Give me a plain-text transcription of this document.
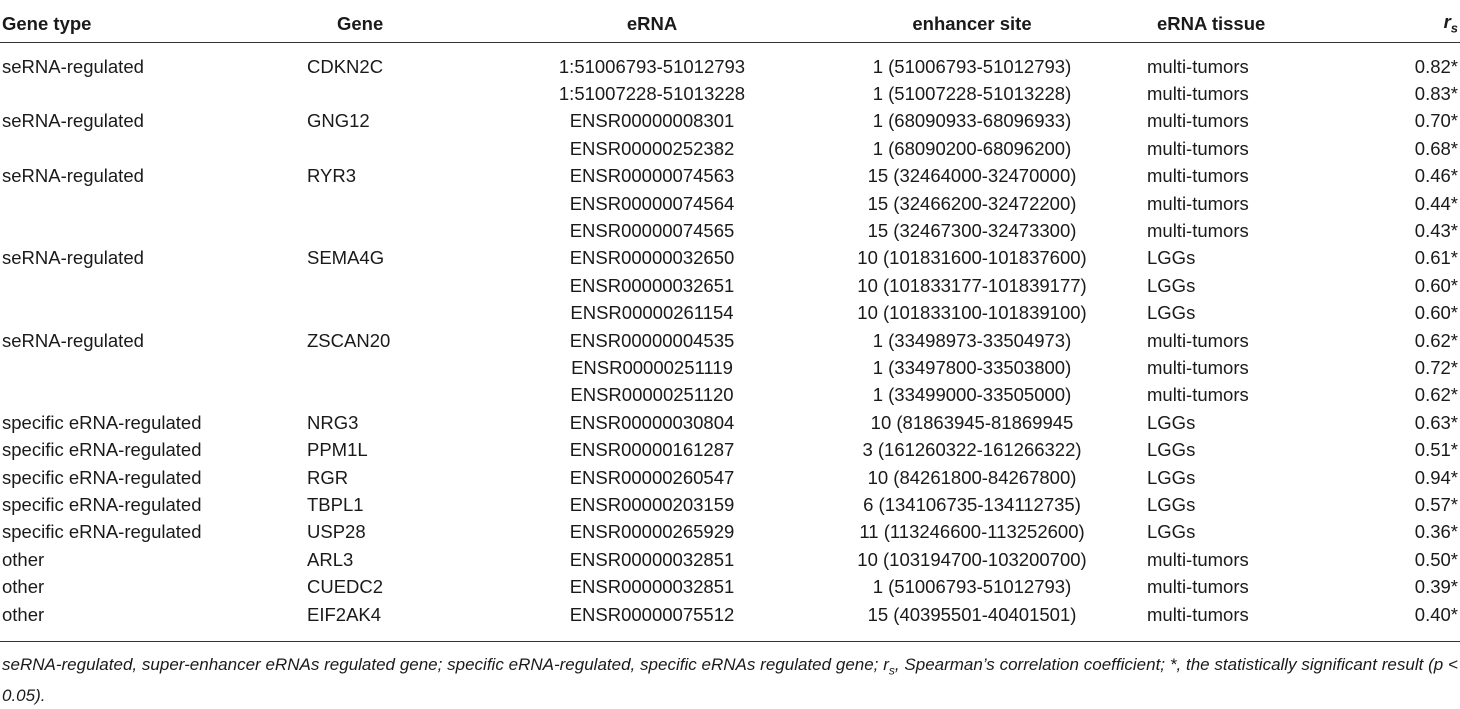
Gene type	Gene	eRNA	enhancer site	eRNA tissue	$r_s$
seRNA-regulated	CDKN2C	1:51006793-51012793	1 (51006793-51012793)	multi-tumors	0.82*
		1:51007228-51013228	1 (51007228-51013228)	multi-tumors	0.83*
seRNA-regulated	GNG12	ENSR00000008301	1 (68090933-68096933)	multi-tumors	0.70*
		ENSR00000252382	1 (68090200-68096200)	multi-tumors	0.68*
seRNA-regulated	RYR3	ENSR00000074563	15 (32464000-32470000)	multi-tumors	0.46*
		ENSR00000074564	15 (32466200-32472200)	multi-tumors	0.44*
		ENSR00000074565	15 (32467300-32473300)	multi-tumors	0.43*
seRNA-regulated	SEMA4G	ENSR00000032650	10 (101831600-101837600)	LGGs	0.61*
		ENSR00000032651	10 (101833177-101839177)	LGGs	0.60*
		ENSR00000261154	10 (101833100-101839100)	LGGs	0.60*
seRNA-regulated	ZSCAN20	ENSR00000004535	1 (33498973-33504973)	multi-tumors	0.62*
		ENSR00000251119	1 (33497800-33503800)	multi-tumors	0.72*
		ENSR00000251120	1 (33499000-33505000)	multi-tumors	0.62*
specific eRNA-regulated	NRG3	ENSR00000030804	10 (81863945-81869945	LGGs	0.63*
specific eRNA-regulated	PPM1L	ENSR00000161287	3 (161260322-161266322)	LGGs	0.51*
specific eRNA-regulated	RGR	ENSR00000260547	10 (84261800-84267800)	LGGs	0.94*
specific eRNA-regulated	TBPL1	ENSR00000203159	6 (134106735-134112735)	LGGs	0.57*
specific eRNA-regulated	USP28	ENSR00000265929	11 (113246600-113252600)	LGGs	0.36*
other	ARL3	ENSR00000032851	10 (103194700-103200700)	multi-tumors	0.50*
other	CUEDC2	ENSR00000032851	1 (51006793-51012793)	multi-tumors	0.39*
other	EIF2AK4	ENSR00000075512	15 (40395501-40401501)	multi-tumors	0.40*
seRNA-regulated, super-enhancer eRNAs regulated gene; specific eRNA-regulated, specific eRNAs regulated gene; $r_s$, Spearman’s correlation coefficient; *, the statistically significant result (p < 0.05).
